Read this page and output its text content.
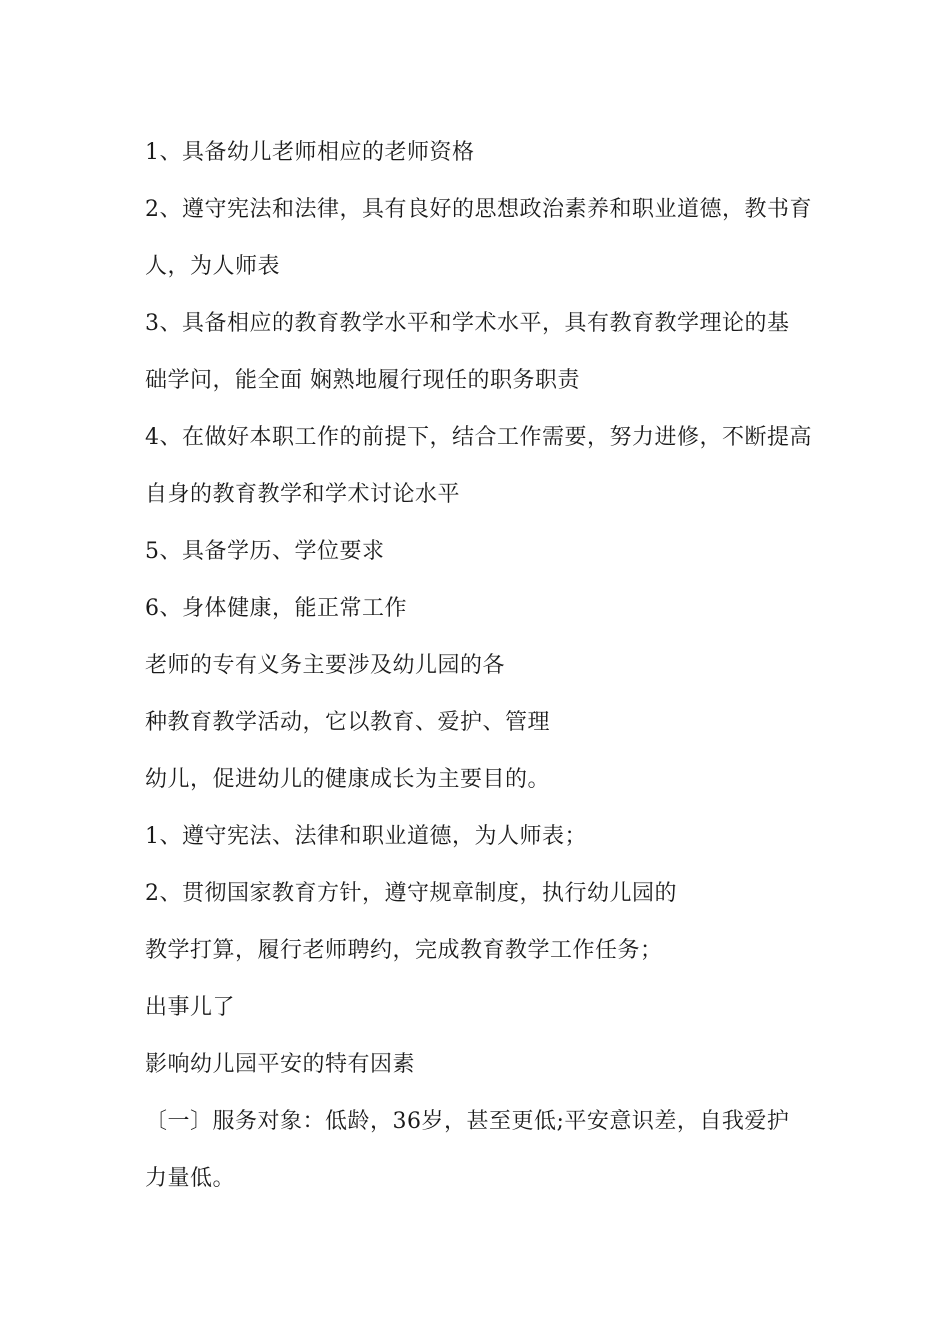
1、具备幼儿老师相应的老师资格
2、遵守宪法和法律，具有良好的思想政治素养和职业道德，教书育
人，为人师表
3、具备相应的教育教学水平和学术水平，具有教育教学理论的基
础学问，能全面 娴熟地履行现任的职务职责
4、在做好本职工作的前提下，结合工作需要，努力进修，不断提高
自身的教育教学和学术讨论水平
5、具备学历、学位要求
6、身体健康，能正常工作
老师的专有义务主要涉及幼儿园的各
种教育教学活动，它以教育、爱护、管理
幼儿，促进幼儿的健康成长为主要目的。
1、遵守宪法、法律和职业道德，为人师表；
2、贯彻国家教育方针，遵守规章制度，执行幼儿园的
教学打算，履行老师聘约，完成教育教学工作任务；
出事儿了
影响幼儿园平安的特有因素
〔一〕服务对象：低龄，36岁，甚至更低;平安意识差，自我爱护
力量低。
